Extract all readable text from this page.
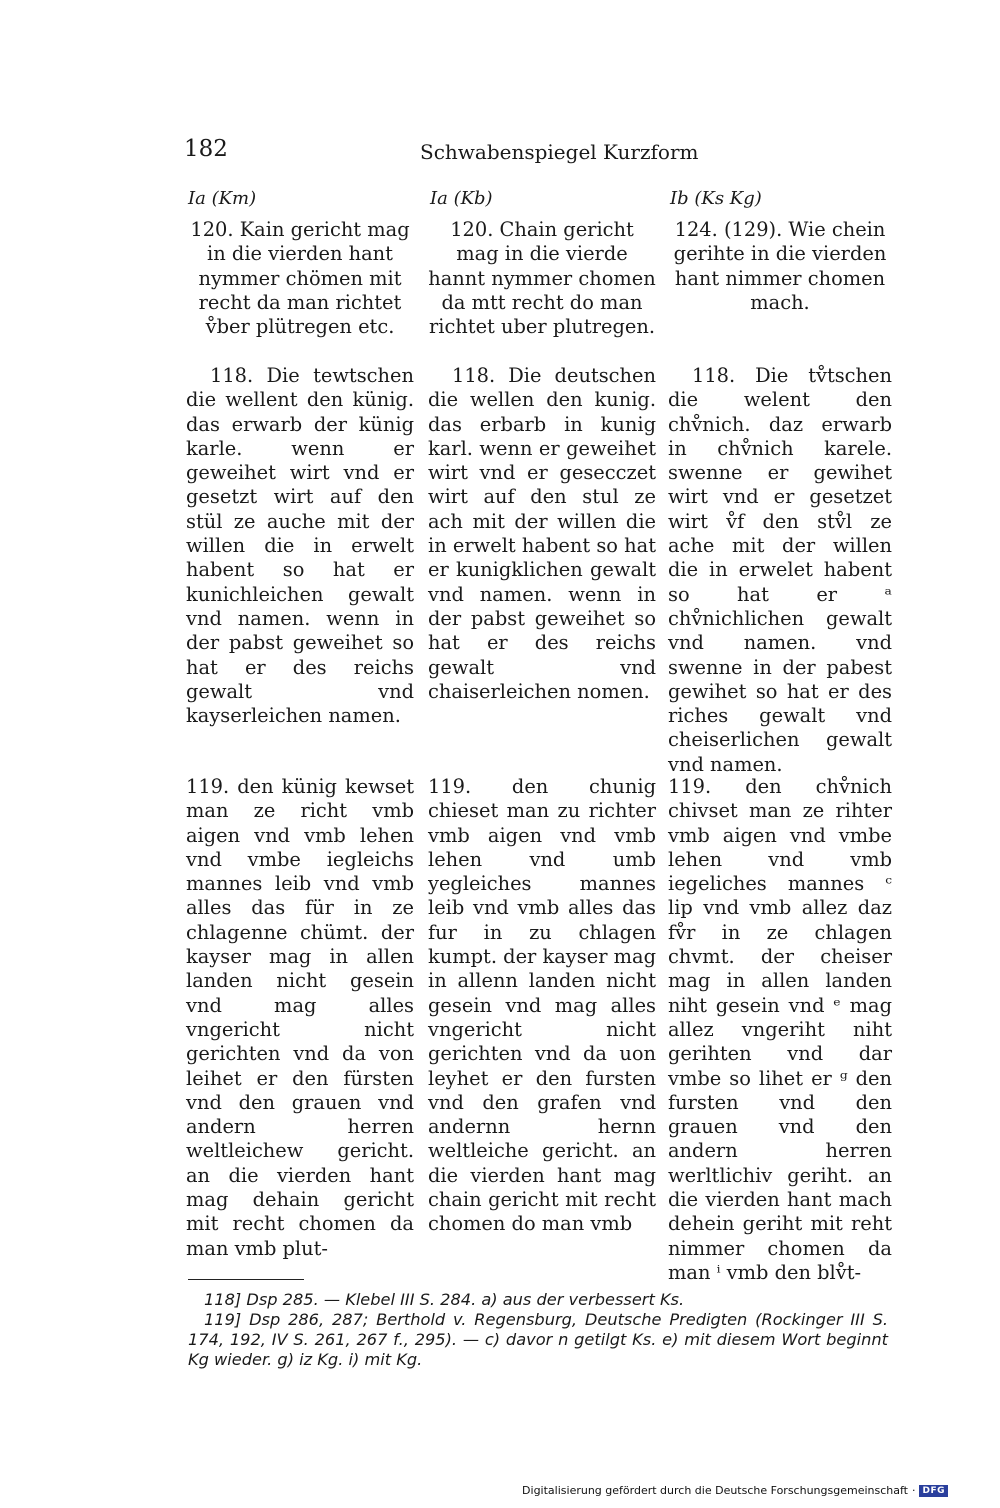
182	Schwabenspiegel Kurzform
Ia (Km)	Ia (Kb)	Ib (Ks Kg)
120. Kain gericht mag in die vierden hant nymmer chömen mit recht da man richtet v̊ber plütregen etc.
118. Die tewtschen die wellent den künig. das erwarb der künig karle. wenn er geweihet wirt vnd er gesetzt wirt auf den stül ze auche mit der willen die in erwelt habent so hat er kunichleichen gewalt vnd namen. wenn in der pabst geweihet so hat er des reichs gewalt vnd kayserleichen namen.
119. den künig kewset man ze richt vmb aigen vnd vmb lehen vnd vmbe iegleichs mannes leib vnd vmb alles das für in ze chlagenne chümt. der kayser mag in allen landen nicht gesein vnd mag alles vngericht nicht gerichten vnd da von leihet er den fürsten vnd den grauen vnd andern herren weltleichew gericht. an die vierden hant mag dehain gericht mit recht chomen da man vmb plut-
120. Chain gericht mag in die vierde hannt nymmer chomen da mtt recht do man richtet uber plutregen.
118. Die deutschen die wellen den kunig. das erbarb in kunig karl. wenn er geweihet wirt vnd er gesecczet wirt auf den stul ze ach mit der willen die in erwelt habent so hat er kunigklichen gewalt vnd namen. wenn in der pabst geweihet so hat er des reichs gewalt vnd chaiserleichen nomen.
119. den chunig chieset man zu richter vmb aigen vnd vmb lehen vnd umb yegleiches mannes leib vnd vmb alles das fur in zu chlagen kumpt. der kayser mag in allenn landen nicht gesein vnd mag alles vngericht nicht gerichten vnd da uon leyhet er den fursten vnd den grafen vnd andernn hernn weltleiche gericht. an die vierden hant mag chain gericht mit recht chomen do man vmb
124. (129). Wie chein gerihte in die vierden hant nimmer chomen mach.
118. Die tv̊tschen die welent den chv̊nich. daz erwarb in chv̊nich karele. swenne er gewihet wirt vnd er gesetzet wirt v̊f den stv̊l ze ache mit der willen die in erwelet habent so hat er ᵃ chv̊nichlichen gewalt vnd namen. vnd swenne in der pabest gewihet so hat er des riches gewalt vnd cheiserlichen gewalt vnd namen.
119. den chv̊nich chivset man ze rihter vmb aigen vnd vmbe lehen vnd vmb iegeliches mannes ᶜ lip vnd vmb allez daz fv̊r in ze chlagen chvmt. der cheiser mag in allen landen niht gesein vnd ᵉ mag allez vngeriht niht gerihten vnd dar vmbe so lihet er ᵍ den fursten vnd den grauen vnd den andern herren werltlichiv geriht. an die vierden hant mach dehein geriht mit reht nimmer chomen da man ⁱ vmb den blv̊t-

118] Dsp 285. — Klebel III S. 284. a) aus der verbessert Ks.

119] Dsp 286, 287; Berthold v. Regensburg, Deutsche Predigten (Rockinger III S. 174, 192, IV S. 261, 267 f., 295). — c) davor n getilgt Ks. e) mit diesem Wort beginnt Kg wieder. g) iz Kg. i) mit Kg.

Digitalisierung gefördert durch die Deutsche Forschungsgemeinschaft · DFG
